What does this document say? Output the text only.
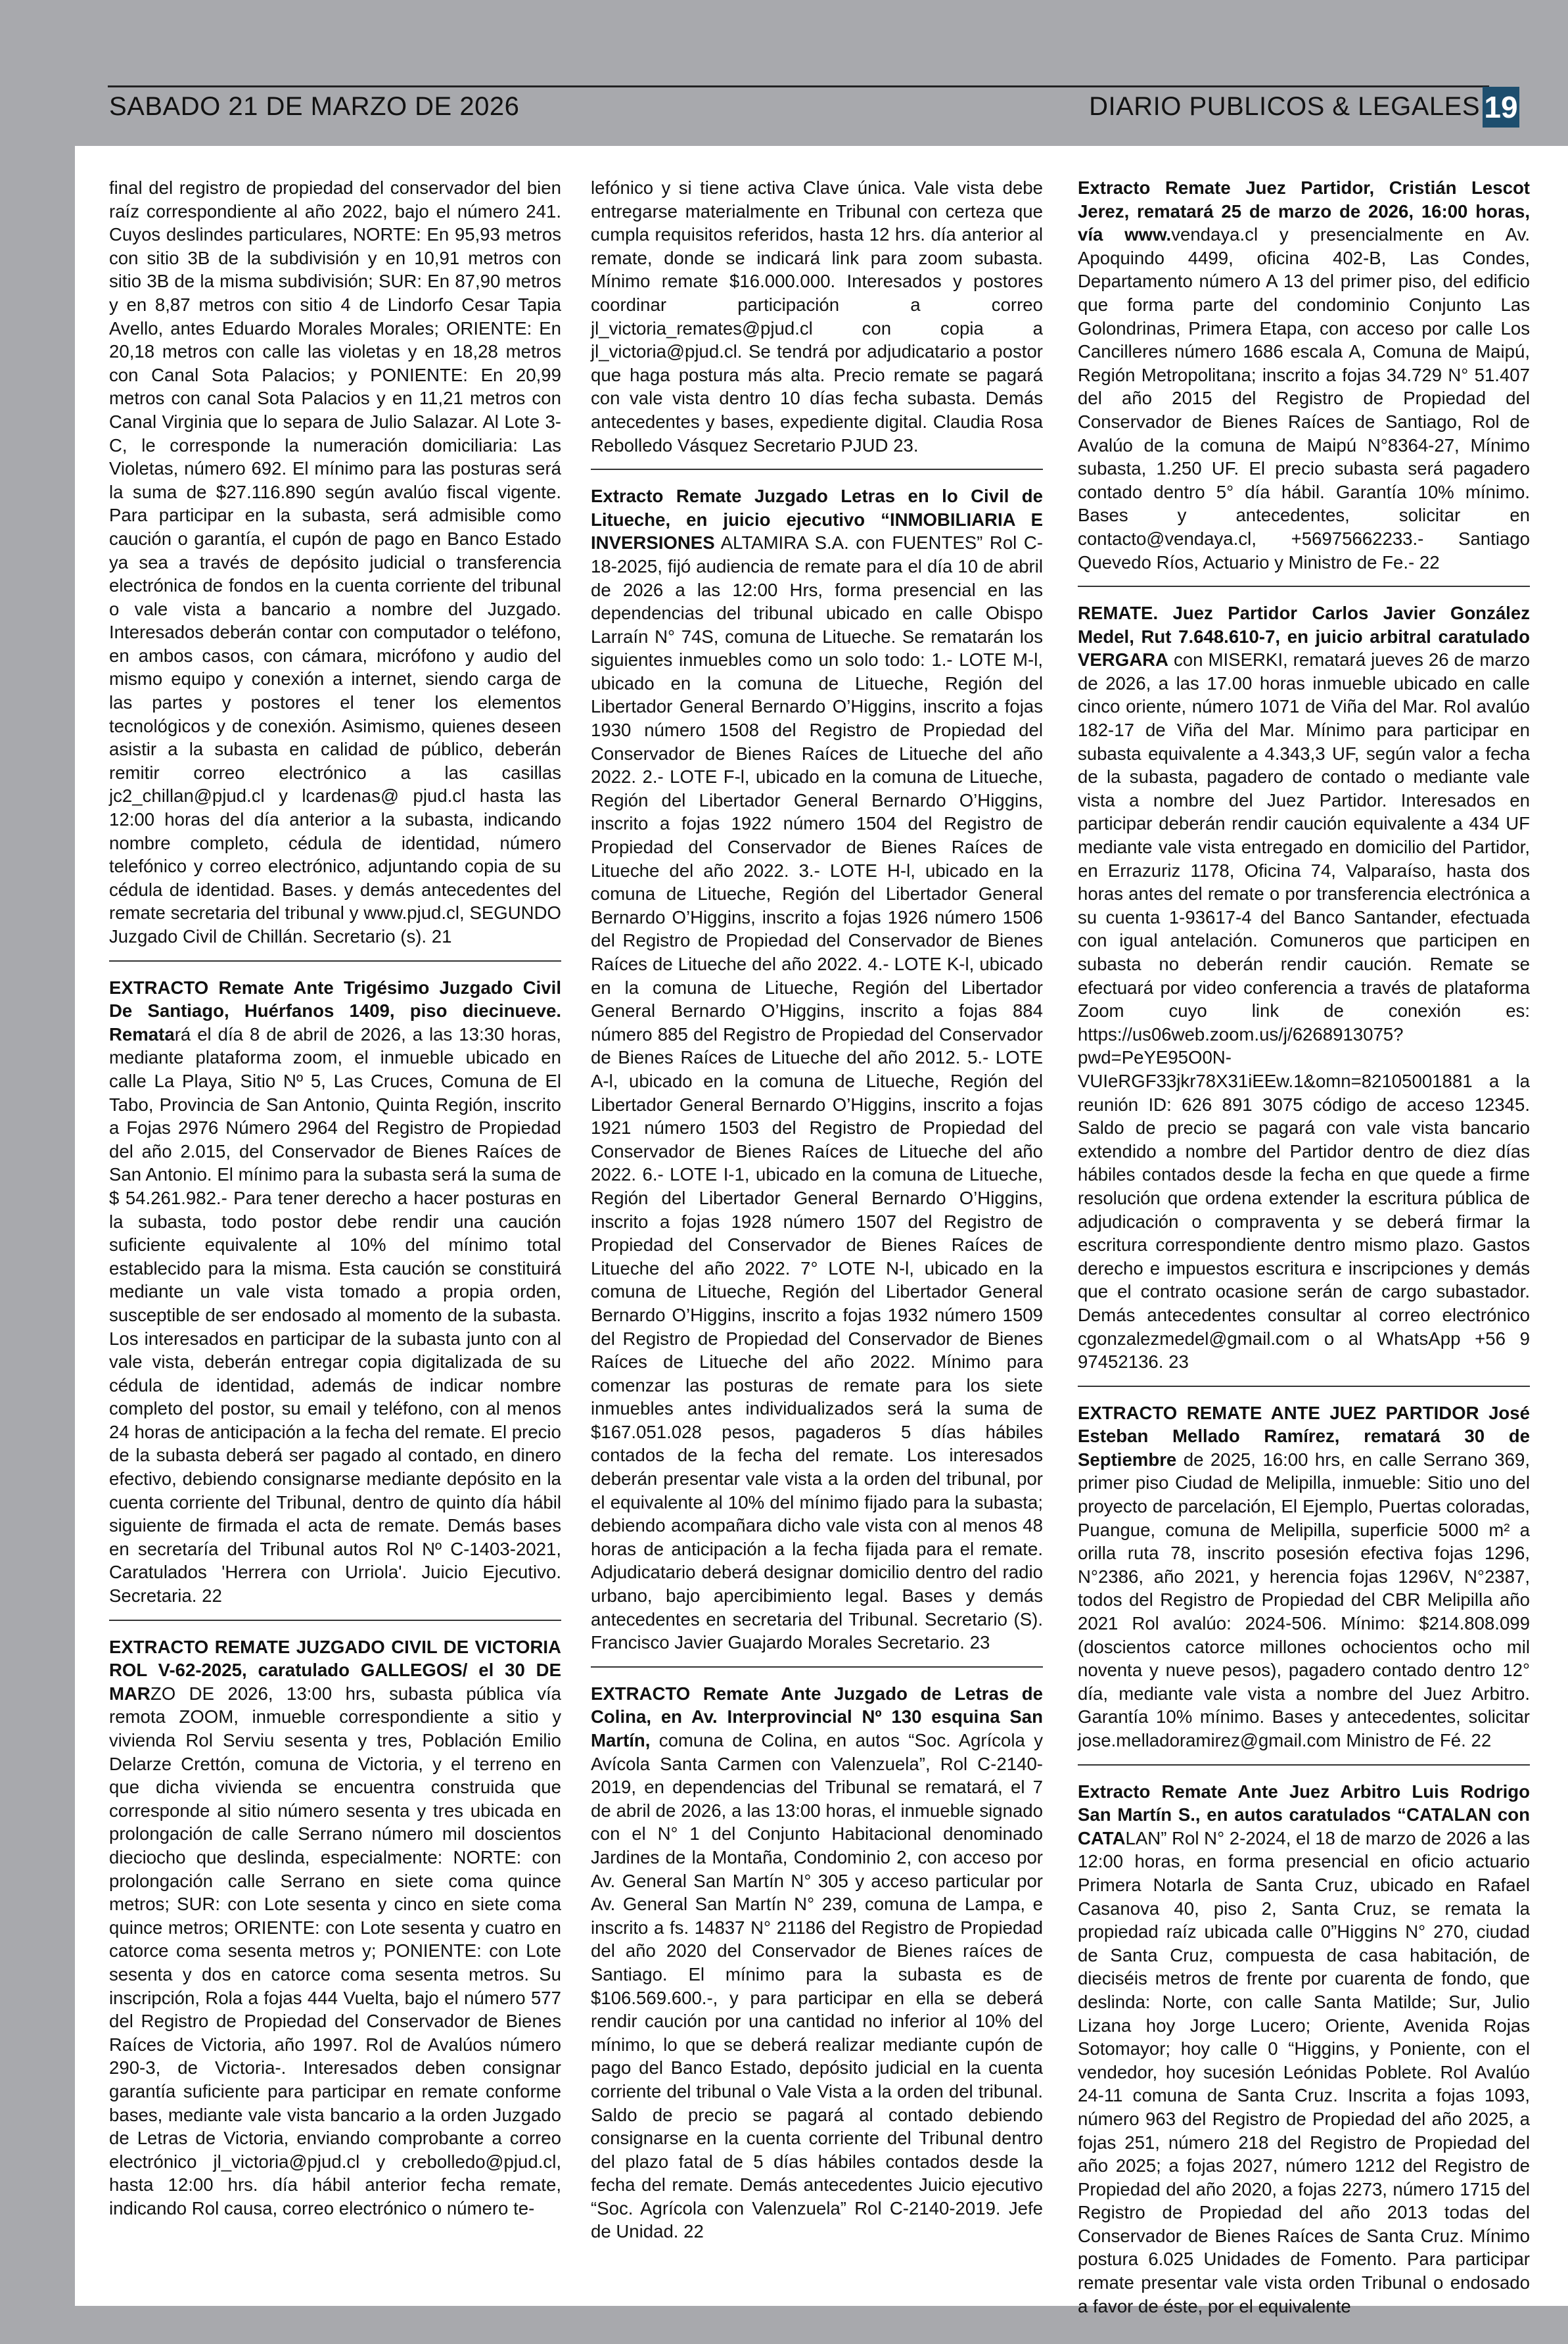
SABADO 21 DE MARZO DE 2026	DIARIO PUBLICOS & LEGALES 19

final del registro de propiedad del conservador del bien raíz correspondiente al año 2022, bajo el número 241. Cuyos deslindes particulares, NORTE: En 95,93 metros con sitio 3B de la subdivisión y en 10,91 metros con sitio 3B de la misma subdivisión; SUR: En 87,90 metros y en 8,87 metros con sitio 4 de Lindorfo Cesar Tapia Avello, antes Eduardo Morales Morales; ORIENTE: En 20,18 metros con calle las violetas y en 18,28 metros con Canal Sota Palacios; y PONIENTE: En 20,99 metros con canal Sota Palacios y en 11,21 metros con Canal Virginia que lo separa de Julio Salazar. Al Lote 3-C, le corresponde la numeración domiciliaria: Las Violetas, número 692. El mínimo para las posturas será la suma de $27.116.890 según avalúo fiscal vigente. Para participar en la subasta, será admisible como caución o garantía, el cupón de pago en Banco Estado ya sea a través de depósito judicial o transferencia electrónica de fondos en la cuenta corriente del tribunal o vale vista a bancario a nombre del Juzgado. Interesados deberán contar con computador o teléfono, en ambos casos, con cámara, micrófono y audio del mismo equipo y conexión a internet, siendo carga de las partes y postores el tener los elementos tecnológicos y de conexión. Asimismo, quienes deseen asistir a la subasta en calidad de público, deberán remitir correo electrónico a las casillas jc2_chillan@pjud.cl y lcardenas@ pjud.cl hasta las 12:00 horas del día anterior a la subasta, indicando nombre completo, cédula de identidad, número telefónico y correo electrónico, adjuntando copia de su cédula de identidad. Bases. y demás antecedentes del remate secretaria del tribunal y www.pjud.cl, SEGUNDO Juzgado Civil de Chillán. Secretario (s). 21

EXTRACTO Remate Ante Trigésimo Juzgado Civil De Santiago, Huérfanos 1409, piso diecinueve. Rematará el día 8 de abril de 2026, a las 13:30 horas, mediante plataforma zoom, el inmueble ubicado en calle La Playa, Sitio Nº 5, Las Cruces, Comuna de El Tabo, Provincia de San Antonio, Quinta Región, inscrito a Fojas 2976 Número 2964 del Registro de Propiedad del año 2.015, del Conservador de Bienes Raíces de San Antonio. El mínimo para la subasta será la suma de $ 54.261.982.- Para tener derecho a hacer posturas en la subasta, todo postor debe rendir una caución suficiente equivalente al 10% del mínimo total establecido para la misma. Esta caución se constituirá mediante un vale vista tomado a propia orden, susceptible de ser endosado al momento de la subasta. Los interesados en participar de la subasta junto con al vale vista, deberán entregar copia digitalizada de su cédula de identidad, además de indicar nombre completo del postor, su email y teléfono, con al menos 24 horas de anticipación a la fecha del remate. El precio de la subasta deberá ser pagado al contado, en dinero efectivo, debiendo consignarse mediante depósito en la cuenta corriente del Tribunal, dentro de quinto día hábil siguiente de firmada el acta de remate. Demás bases en secretaría del Tribunal autos Rol Nº C-1403-2021, Caratulados 'Herrera con Urriola'. Juicio Ejecutivo. Secretaria. 22

EXTRACTO REMATE JUZGADO CIVIL DE VICTORIA ROL V-62-2025, caratulado GALLEGOS/ el 30 DE MARZO DE 2026, 13:00 hrs, subasta pública vía remota ZOOM, inmueble correspondiente a sitio y vivienda Rol Serviu sesenta y tres, Población Emilio Delarze Crettón, comuna de Victoria, y el terreno en que dicha vivienda se encuentra construida que corresponde al sitio número sesenta y tres ubicada en prolongación de calle Serrano número mil doscientos dieciocho que deslinda, especialmente: NORTE: con prolongación calle Serrano en siete coma quince metros; SUR: con Lote sesenta y cinco en siete coma quince metros; ORIENTE: con Lote sesenta y cuatro en catorce coma sesenta metros y; PONIENTE: con Lote sesenta y dos en catorce coma sesenta metros. Su inscripción, Rola a fojas 444 Vuelta, bajo el número 577 del Registro de Propiedad del Conservador de Bienes Raíces de Victoria, año 1997. Rol de Avalúos número 290-3, de Victoria-. Interesados deben consignar garantía suficiente para participar en remate conforme bases, mediante vale vista bancario a la orden Juzgado de Letras de Victoria, enviando comprobante a correo electrónico jl_victoria@pjud.cl y crebolledo@pjud.cl, hasta 12:00 hrs. día hábil anterior fecha remate, indicando Rol causa, correo electrónico o número te-

lefónico y si tiene activa Clave única. Vale vista debe entregarse materialmente en Tribunal con certeza que cumpla requisitos referidos, hasta 12 hrs. día anterior al remate, donde se indicará link para zoom subasta. Mínimo remate $16.000.000. Interesados y postores coordinar participación a correo jl_victoria_remates@pjud.cl con copia a jl_victoria@pjud.cl. Se tendrá por adjudicatario a postor que haga postura más alta. Precio remate se pagará con vale vista dentro 10 días fecha subasta. Demás antecedentes y bases, expediente digital. Claudia Rosa Rebolledo Vásquez Secretario PJUD 23.

Extracto Remate Juzgado Letras en lo Civil de Litueche, en juicio ejecutivo “INMOBILIARIA E INVERSIONES ALTAMIRA S.A. con FUENTES” Rol C-18-2025, fijó audiencia de remate para el día 10 de abril de 2026 a las 12:00 Hrs, forma presencial en las dependencias del tribunal ubicado en calle Obispo Larraín N° 74S, comuna de Litueche. Se rematarán los siguientes inmuebles como un solo todo: 1.- LOTE M-l, ubicado en la comuna de Litueche, Región del Libertador General Bernardo O’Higgins, inscrito a fojas 1930 número 1508 del Registro de Propiedad del Conservador de Bienes Raíces de Litueche del año 2022. 2.- LOTE F-l, ubicado en la comuna de Litueche, Región del Libertador General Bernardo O’Higgins, inscrito a fojas 1922 número 1504 del Registro de Propiedad del Conservador de Bienes Raíces de Litueche del año 2022. 3.- LOTE H-l, ubicado en la comuna de Litueche, Región del Libertador General Bernardo O’Higgins, inscrito a fojas 1926 número 1506 del Registro de Propiedad del Conservador de Bienes Raíces de Litueche del año 2022. 4.- LOTE K-l, ubicado en la comuna de Litueche, Región del Libertador General Bernardo O’Higgins, inscrito a fojas 884 número 885 del Registro de Propiedad del Conservador de Bienes Raíces de Litueche del año 2012. 5.- LOTE A-l, ubicado en la comuna de Litueche, Región del Libertador General Bernardo O’Higgins, inscrito a fojas 1921 número 1503 del Registro de Propiedad del Conservador de Bienes Raíces de Litueche del año 2022. 6.- LOTE I-1, ubicado en la comuna de Litueche, Región del Libertador General Bernardo O’Higgins, inscrito a fojas 1928 número 1507 del Registro de Propiedad del Conservador de Bienes Raíces de Litueche del año 2022. 7° LOTE N-l, ubicado en la comuna de Litueche, Región del Libertador General Bernardo O’Higgins, inscrito a fojas 1932 número 1509 del Registro de Propiedad del Conservador de Bienes Raíces de Litueche del año 2022. Mínimo para comenzar las posturas de remate para los siete inmuebles antes individualizados será la suma de $167.051.028 pesos, pagaderos 5 días hábiles contados de la fecha del remate. Los interesados deberán presentar vale vista a la orden del tribunal, por el equivalente al 10% del mínimo fijado para la subasta; debiendo acompañara dicho vale vista con al menos 48 horas de anticipación a la fecha fijada para el remate. Adjudicatario deberá designar domicilio dentro del radio urbano, bajo apercibimiento legal. Bases y demás antecedentes en secretaria del Tribunal. Secretario (S). Francisco Javier Guajardo Morales Secretario. 23

EXTRACTO Remate Ante Juzgado de Letras de Colina, en Av. Interprovincial Nº 130 esquina San Martín, comuna de Colina, en autos “Soc. Agrícola y Avícola Santa Carmen con Valenzuela”, Rol C-2140-2019, en dependencias del Tribunal se rematará, el 7 de abril de 2026, a las 13:00 horas, el inmueble signado con el N° 1 del Conjunto Habitacional denominado Jardines de la Montaña, Condominio 2, con acceso por Av. General San Martín N° 305 y acceso particular por Av. General San Martín N° 239, comuna de Lampa, e inscrito a fs. 14837 N° 21186 del Registro de Propiedad del año 2020 del Conservador de Bienes raíces de Santiago. El mínimo para la subasta es de $106.569.600.-, y para participar en ella se deberá rendir caución por una cantidad no inferior al 10% del mínimo, lo que se deberá realizar mediante cupón de pago del Banco Estado, depósito judicial en la cuenta corriente del tribunal o Vale Vista a la orden del tribunal. Saldo de precio se pagará al contado debiendo consignarse en la cuenta corriente del Tribunal dentro del plazo fatal de 5 días hábiles contados desde la fecha del remate. Demás antecedentes Juicio ejecutivo “Soc. Agrícola con Valenzuela” Rol C-2140-2019. Jefe de Unidad. 22

Extracto Remate Juez Partidor, Cristián Lescot Jerez, rematará 25 de marzo de 2026, 16:00 horas, vía www.vendaya.cl y presencialmente en Av. Apoquindo 4499, oficina 402-B, Las Condes, Departamento número A 13 del primer piso, del edificio que forma parte del condominio Conjunto Las Golondrinas, Primera Etapa, con acceso por calle Los Cancilleres número 1686 escala A, Comuna de Maipú, Región Metropolitana; inscrito a fojas 34.729 N° 51.407 del año 2015 del Registro de Propiedad del Conservador de Bienes Raíces de Santiago, Rol de Avalúo de la comuna de Maipú N°8364-27, Mínimo subasta, 1.250 UF. El precio subasta será pagadero contado dentro 5° día hábil. Garantía 10% mínimo. Bases y antecedentes, solicitar en contacto@vendaya.cl, +56975662233.- Santiago Quevedo Ríos, Actuario y Ministro de Fe.- 22

REMATE. Juez Partidor Carlos Javier González Medel, Rut 7.648.610-7, en juicio arbitral caratulado VERGARA con MISERKI, rematará jueves 26 de marzo de 2026, a las 17.00 horas inmueble ubicado en calle cinco oriente, número 1071 de Viña del Mar. Rol avalúo 182-17 de Viña del Mar. Mínimo para participar en subasta equivalente a 4.343,3 UF, según valor a fecha de la subasta, pagadero de contado o mediante vale vista a nombre del Juez Partidor. Interesados en participar deberán rendir caución equivalente a 434 UF mediante vale vista entregado en domicilio del Partidor, en Errazuriz 1178, Oficina 74, Valparaíso, hasta dos horas antes del remate o por transferencia electrónica a su cuenta 1-93617-4 del Banco Santander, efectuada con igual antelación. Comuneros que participen en subasta no deberán rendir caución. Remate se efectuará por video conferencia a través de plataforma Zoom cuyo link de conexión es: https://us06web.zoom.us/j/6268913075?pwd=PeYE95O0N-VUIeRGF33jkr78X31iEEw.1&omn=82105001881 a la reunión ID: 626 891 3075 código de acceso 12345. Saldo de precio se pagará con vale vista bancario extendido a nombre del Partidor dentro de diez días hábiles contados desde la fecha en que quede a firme resolución que ordena extender la escritura pública de adjudicación o compraventa y se deberá firmar la escritura correspondiente dentro mismo plazo. Gastos derecho e impuestos escritura e inscripciones y demás que el contrato ocasione serán de cargo subastador. Demás antecedentes consultar al correo electrónico cgonzalezmedel@gmail.com o al WhatsApp +56 9 97452136. 23

EXTRACTO REMATE ANTE JUEZ PARTIDOR José Esteban Mellado Ramírez, rematará 30 de Septiembre de 2025, 16:00 hrs, en calle Serrano 369, primer piso Ciudad de Melipilla, inmueble: Sitio uno del proyecto de parcelación, El Ejemplo, Puertas coloradas, Puangue, comuna de Melipilla, superficie 5000 m² a orilla ruta 78, inscrito posesión efectiva fojas 1296, N°2386, año 2021, y herencia fojas 1296V, N°2387, todos del Registro de Propiedad del CBR Melipilla año 2021 Rol avalúo: 2024-506. Mínimo: $214.808.099 (doscientos catorce millones ochocientos ocho mil noventa y nueve pesos), pagadero contado dentro 12° día, mediante vale vista a nombre del Juez Arbitro. Garantía 10% mínimo. Bases y antecedentes, solicitar jose.melladoramirez@gmail.com Ministro de Fé. 22

Extracto Remate Ante Juez Arbitro Luis Rodrigo San Martín S., en autos caratulados “CATALAN con CATALAN” Rol N° 2-2024, el 18 de marzo de 2026 a las 12:00 horas, en forma presencial en oficio actuario Primera Notarla de Santa Cruz, ubicado en Rafael Casanova 40, piso 2, Santa Cruz, se remata la propiedad raíz ubicada calle 0”Higgins N° 270, ciudad de Santa Cruz, compuesta de casa habitación, de dieciséis metros de frente por cuarenta de fondo, que deslinda: Norte, con calle Santa Matilde; Sur, Julio Lizana hoy Jorge Lucero; Oriente, Avenida Rojas Sotomayor; hoy calle 0 “Higgins, y Poniente, con el vendedor, hoy sucesión Leónidas Poblete. Rol Avalúo 24-11 comuna de Santa Cruz. Inscrita a fojas 1093, número 963 del Registro de Propiedad del año 2025, a fojas 251, número 218 del Registro de Propiedad del año 2025; a fojas 2027, número 1212 del Registro de Propiedad del año 2020, a fojas 2273, número 1715 del Registro de Propiedad del año 2013 todas del Conservador de Bienes Raíces de Santa Cruz. Mínimo postura 6.025 Unidades de Fomento. Para participar remate presentar vale vista orden Tribunal o endosado a favor de éste, por el equivalente
